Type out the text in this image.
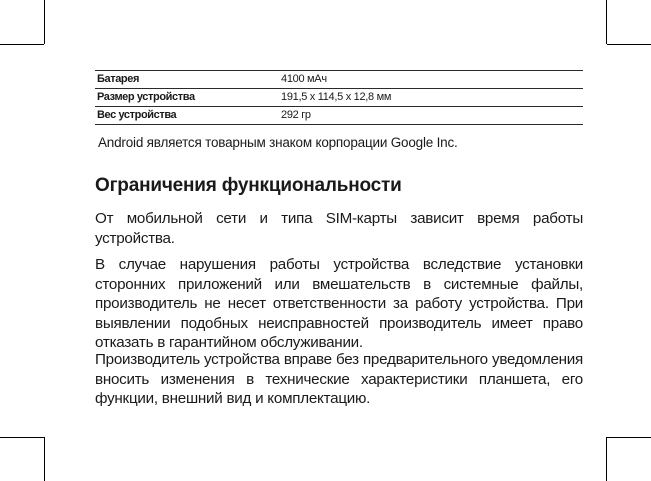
Батарея	4100 мАч
Размер устройства	191,5 x 114,5 x 12,8 мм
Вес устройства	292 гр
Android является товарным знаком корпорации Google Inc.
Ограничения функциональности

От мобильной сети и типа SIM-карты зависит время работы устройства.

В случае нарушения работы устройства вследствие установки сторонних приложений или вмешательств в системные файлы, производитель не несет ответственности за работу устройства. При выявлении подобных неисправностей производитель имеет право отказать в гарантийном обслуживании.

Производитель устройства вправе без предварительного уведомления вносить изменения в технические характеристики планшета, его функции, внешний вид и комплектацию.
